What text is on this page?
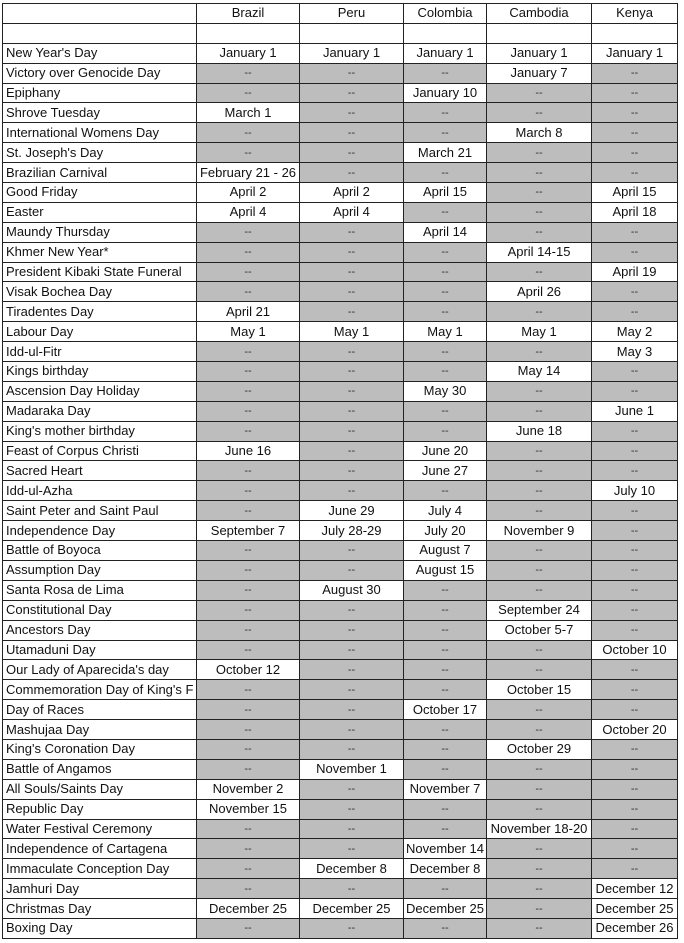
	Brazil	Peru	Colombia	Cambodia	Kenya

New Year's Day	January 1	January 1	January 1	January 1	January 1
Victory over Genocide Day	--	--	--	January 7	--
Epiphany	--	--	January 10	--	--
Shrove Tuesday	March 1	--	--	--	--
International Womens Day	--	--	--	March 8	--
St. Joseph's Day	--	--	March 21	--	--
Brazilian Carnival	February 21 - 26	--	--	--	--
Good Friday	April 2	April 2	April 15	--	April 15
Easter	April 4	April 4	--	--	April 18
Maundy Thursday	--	--	April 14	--	--
Khmer New Year*	--	--	--	April 14-15	--
President Kibaki State Funeral	--	--	--	--	April 19
Visak Bochea Day	--	--	--	April 26	--
Tiradentes Day	April 21	--	--	--	--
Labour Day	May 1	May 1	May 1	May 1	May 2
Idd-ul-Fitr	--	--	--	--	May 3
Kings birthday	--	--	--	May 14	--
Ascension Day Holiday	--	--	May 30	--	--
Madaraka Day	--	--	--	--	June 1
King's mother birthday	--	--	--	June 18	--
Feast of Corpus Christi	June 16	--	June 20	--	--
Sacred Heart	--	--	June 27	--	--
Idd-ul-Azha	--	--	--	--	July 10
Saint Peter and Saint Paul	--	June 29	July 4	--	--
Independence Day	September 7	July 28-29	July 20	November 9	--
Battle of Boyoca	--	--	August 7	--	--
Assumption Day	--	--	August 15	--	--
Santa Rosa de Lima	--	August 30	--	--	--
Constitutional Day	--	--	--	September 24	--
Ancestors Day	--	--	--	October 5-7	--
Utamaduni Day	--	--	--	--	October 10
Our Lady of Aparecida's day	October 12	--	--	--	--
Commemoration Day of King's F	--	--	--	October 15	--
Day of Races	--	--	October 17	--	--
Mashujaa Day	--	--	--	--	October 20
King's Coronation Day	--	--	--	October 29	--
Battle of Angamos	--	November 1	--	--	--
All Souls/Saints Day	November 2	--	November 7	--	--
Republic Day	November 15	--	--	--	--
Water Festival Ceremony	--	--	--	November 18-20	--
Independence of Cartagena	--	--	November 14	--	--
Immaculate Conception Day	--	December 8	December 8	--	--
Jamhuri Day	--	--	--	--	December 12
Christmas Day	December 25	December 25	December 25	--	December 25
Boxing Day	--	--	--	--	December 26
